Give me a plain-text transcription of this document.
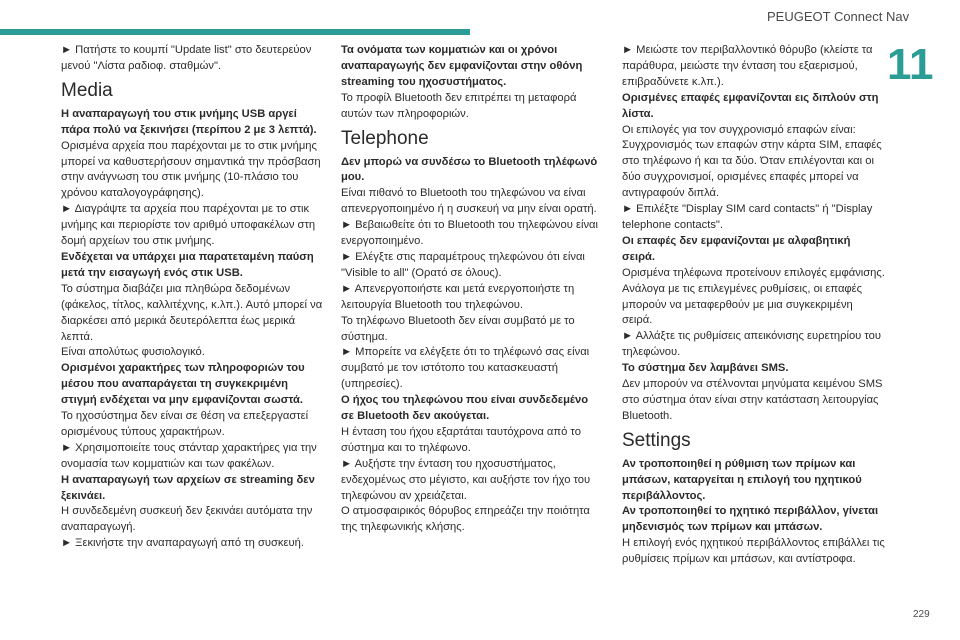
PEUGEOT Connect Nav
11

► Πατήστε το κουμπί "Update list" στο δευτερεύον μενού "Λίστα ραδιοφ. σταθμών".

Media

Η αναπαραγωγή του στικ μνήμης USB αργεί πάρα πολύ να ξεκινήσει (περίπου 2 με 3 λεπτά).

Ορισμένα αρχεία που παρέχονται με το στικ μνήμης μπορεί να καθυστερήσουν σημαντικά την πρόσβαση στην ανάγνωση του στικ μνήμης (10-πλάσιο του χρόνου καταλογογράφησης).

► Διαγράψτε τα αρχεία που παρέχονται με το στικ μνήμης και περιορίστε τον αριθμό υποφακέλων στη δομή αρχείων του στικ μνήμης.

Ενδέχεται να υπάρχει μια παρατεταμένη παύση μετά την εισαγωγή ενός στικ USB.

Το σύστημα διαβάζει μια πληθώρα δεδομένων (φάκελος, τίτλος, καλλιτέχνης, κ.λπ.). Αυτό μπορεί να διαρκέσει από μερικά δευτερόλεπτα έως μερικά λεπτά.

Είναι απολύτως φυσιολογικό.

Ορισμένοι χαρακτήρες των πληροφοριών του μέσου που αναπαράγεται τη συγκεκριμένη στιγμή ενδέχεται να μην εμφανίζονται σωστά.

Το ηχοσύστημα δεν είναι σε θέση να επεξεργαστεί ορισμένους τύπους χαρακτήρων.

► Χρησιμοποιείτε τους στάνταρ χαρακτήρες για την ονομασία των κομματιών και των φακέλων.

Η αναπαραγωγή των αρχείων σε streaming δεν ξεκινάει.

Η συνδεδεμένη συσκευή δεν ξεκινάει αυτόματα την αναπαραγωγή.

► Ξεκινήστε την αναπαραγωγή από τη συσκευή.

Τα ονόματα των κομματιών και οι χρόνοι αναπαραγωγής δεν εμφανίζονται στην οθόνη streaming του ηχοσυστήματος.

Το προφίλ Bluetooth δεν επιτρέπει τη μεταφορά αυτών των πληροφοριών.

Telephone

Δεν μπορώ να συνδέσω το Bluetooth τηλέφωνό μου.

Είναι πιθανό το Bluetooth του τηλεφώνου να είναι απενεργοποιημένο ή η συσκευή να μην είναι ορατή.

► Βεβαιωθείτε ότι το Bluetooth του τηλεφώνου είναι ενεργοποιημένο.

► Ελέγξτε στις παραμέτρους τηλεφώνου ότι είναι "Visible to all" (Ορατό σε όλους).

► Απενεργοποιήστε και μετά ενεργοποιήστε τη λειτουργία Bluetooth του τηλεφώνου.

Το τηλέφωνο Bluetooth δεν είναι συμβατό με το σύστημα.

► Μπορείτε να ελέγξετε ότι το τηλέφωνό σας είναι συμβατό με τον ιστότοπο του κατασκευαστή (υπηρεσίες).

Ο ήχος του τηλεφώνου που είναι συνδεδεμένο σε Bluetooth δεν ακούγεται.

Η ένταση του ήχου εξαρτάται ταυτόχρονα από το σύστημα και το τηλέφωνο.

► Αυξήστε την ένταση του ηχοσυστήματος, ενδεχομένως στο μέγιστο, και αυξήστε τον ήχο του τηλεφώνου αν χρειάζεται.

Ο ατμοσφαιρικός θόρυβος επηρεάζει την ποιότητα της τηλεφωνικής κλήσης.

► Μειώστε τον περιβαλλοντικό θόρυβο (κλείστε τα παράθυρα, μειώστε την ένταση του εξαερισμού, επιβραδύνετε κ.λπ.).

Ορισμένες επαφές εμφανίζονται εις διπλούν στη λίστα.

Οι επιλογές για τον συγχρονισμό επαφών είναι: Συγχρονισμός των επαφών στην κάρτα SIM, επαφές στο τηλέφωνο ή και τα δύο. Όταν επιλέγονται και οι δύο συγχρονισμοί, ορισμένες επαφές μπορεί να αντιγραφούν διπλά.

► Επιλέξτε "Display SIM card contacts" ή "Display telephone contacts".

Οι επαφές δεν εμφανίζονται με αλφαβητική σειρά.

Ορισμένα τηλέφωνα προτείνουν επιλογές εμφάνισης. Ανάλογα με τις επιλεγμένες ρυθμίσεις, οι επαφές μπορούν να μεταφερθούν με μια συγκεκριμένη σειρά.

► Αλλάξτε τις ρυθμίσεις απεικόνισης ευρετηρίου του τηλεφώνου.

Το σύστημα δεν λαμβάνει SMS.

Δεν μπορούν να στέλνονται μηνύματα κειμένου SMS στο σύστημα όταν είναι στην κατάσταση λειτουργίας Bluetooth.

Settings

Αν τροποποιηθεί η ρύθμιση των πρίμων και μπάσων, καταργείται η επιλογή του ηχητικού περιβάλλοντος.

Αν τροποποιηθεί το ηχητικό περιβάλλον, γίνεται μηδενισμός των πρίμων και μπάσων.

Η επιλογή ενός ηχητικού περιβάλλοντος επιβάλλει τις ρυθμίσεις πρίμων και μπάσων, και αντίστροφα.

229
